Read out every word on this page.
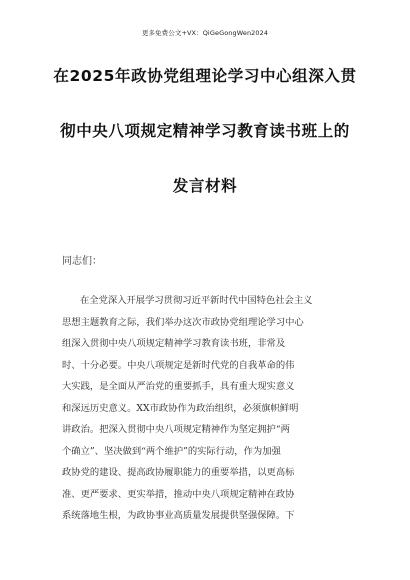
更多免费公文+VX：QiGeGongWen2024
在2025年政协党组理论学习中心组深入贯
彻中央八项规定精神学习教育读书班上的
发言材料
同志们：
在全党深入开展学习贯彻习近平新时代中国特色社会主义
思想主题教育之际，我们举办这次市政协党组理论学习中心
组深入贯彻中央八项规定精神学习教育读书班，非常及
时、十分必要。中央八项规定是新时代党的自我革命的伟
大实践，是全面从严治党的重要抓手，具有重大现实意义
和深远历史意义。XX市政协作为政治组织，必须旗帜鲜明
讲政治。把深入贯彻中央八项规定精神作为坚定拥护“两
个确立”、坚决做到“两个维护”的实际行动，作为加强
政协党的建设、提高政协履职能力的重要举措，以更高标
准、更严要求、更实举措，推动中央八项规定精神在政协
系统落地生根，为政协事业高质量发展提供坚强保障。下
